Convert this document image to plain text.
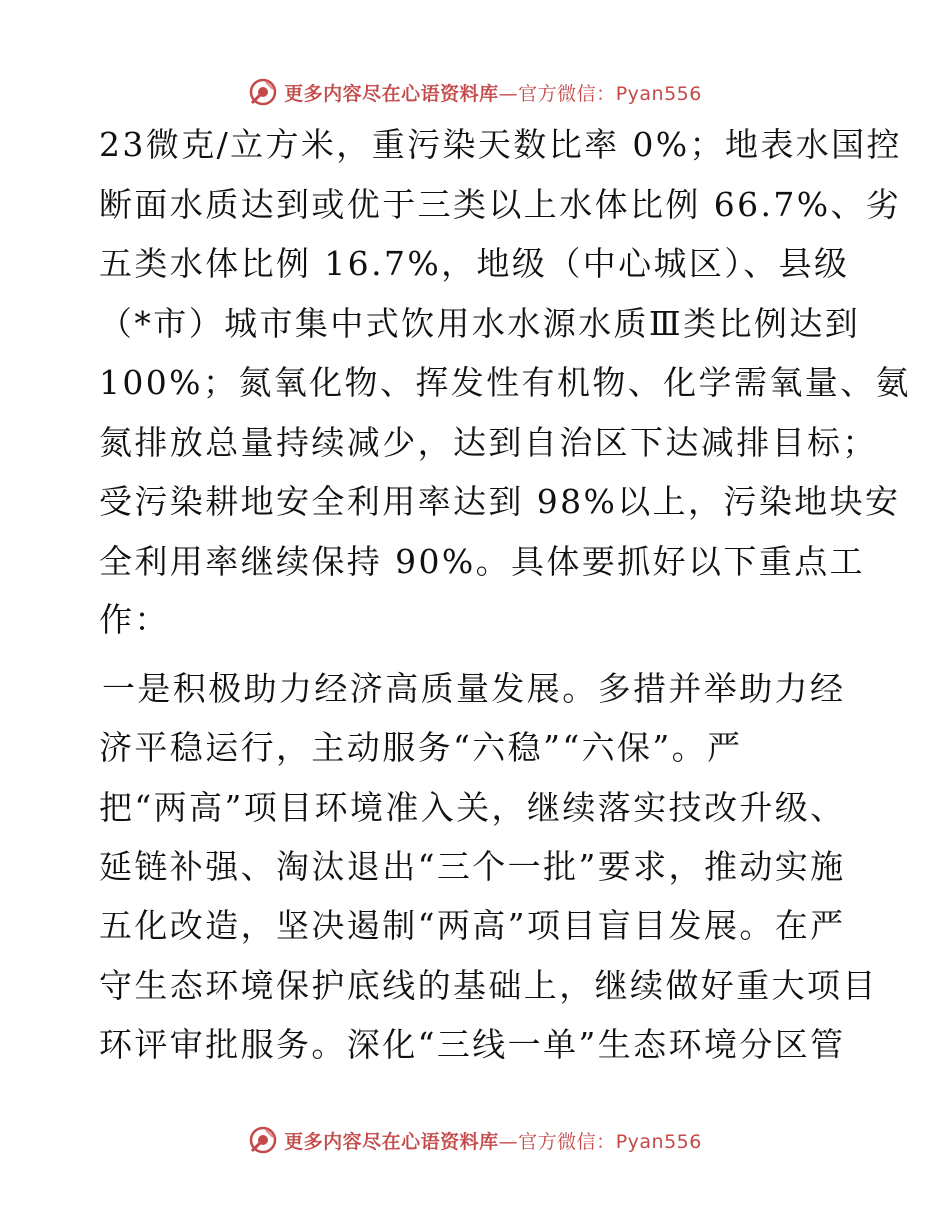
更多内容尽在心语资料库—官方微信：Pyan556
23微克/立方米，重污染天数比率 0%；地表水国控
断面水质达到或优于三类以上水体比例 66.7%、劣
五类水体比例 16.7%，地级（中心城区）、县级
（*市）城市集中式饮用水水源水质Ⅲ类比例达到
100%；氮氧化物、挥发性有机物、化学需氧量、氨
氮排放总量持续减少，达到自治区下达减排目标；
受污染耕地安全利用率达到 98%以上，污染地块安
全利用率继续保持 90%。具体要抓好以下重点工
作：
一是积极助力经济高质量发展。多措并举助力经
济平稳运行，主动服务“六稳”“六保”。严
把“两高”项目环境准入关，继续落实技改升级、
延链补强、淘汰退出“三个一批”要求，推动实施
五化改造，坚决遏制“两高”项目盲目发展。在严
守生态环境保护底线的基础上，继续做好重大项目
环评审批服务。深化“三线一单”生态环境分区管
更多内容尽在心语资料库—官方微信：Pyan556
